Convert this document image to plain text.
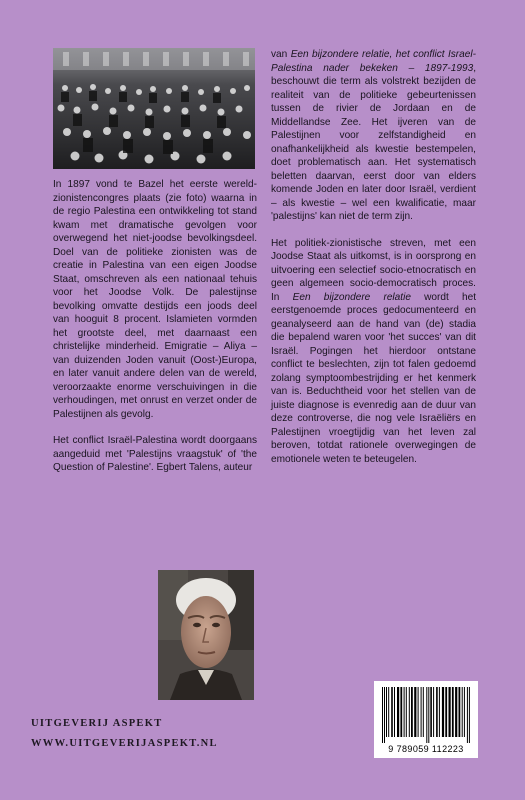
In 1897 vond te Bazel het eerste wereld-zionistencongres plaats (zie foto) waarna in de regio Palestina een ontwikkeling tot stand kwam met dramatische gevolgen voor overwegend het niet-joodse bevolkingsdeel. Doel van de politieke zionisten was de creatie in Palestina van een eigen Joodse Staat, omschreven als een nationaal tehuis voor het Joodse Volk. De palestijnse bevolking omvatte destijds een joods deel van hooguit 8 procent. Islamieten vormden het grootste deel, met daarnaast een christelijke minderheid. Emigratie – Aliya – van duizenden Joden vanuit (Oost-)Europa, en later vanuit andere delen van de wereld, veroorzaakte enorme verschuivingen in die verhoudingen, met onrust en verzet onder de Palestijnen als gevolg.

Het conflict Israël-Palestina wordt doorgaans aangeduid met 'Palestijns vraagstuk' of 'the Question of Palestine'. Egbert Talens, auteur

van Een bijzondere relatie, het conflict Israel-Palestina nader bekeken – 1897-1993, beschouwt die term als volstrekt bezijden de realiteit van de politieke gebeurtenissen tussen de rivier de Jordaan en de Middellandse Zee. Het ijveren van de Palestijnen voor zelfstandigheid en onafhankelijkheid als kwestie bestempelen, doet problematisch aan. Het systematisch beletten daarvan, eerst door van elders komende Joden en later door Israël, verdient – als kwestie – wel een kwalificatie, maar 'palestijns' kan niet de term zijn.

Het politiek-zionistische streven, met een Joodse Staat als uitkomst, is in oorsprong en uitvoering een selectief socio-etnocratisch en geen algemeen socio-democratisch proces. In Een bijzondere relatie wordt het eerstgenoemde proces gedocumenteerd en geanalyseerd aan de hand van (de) stadia die bepalend waren voor 'het succes' van dit Israël. Pogingen het hierdoor ontstane conflict te beslechten, zijn tot falen gedoemd zolang symptoombestrijding er het kenmerk van is. Beduchtheid voor het stellen van de juiste diagnose is evenredig aan de duur van deze controverse, die nog vele Israëliërs en Palestijnen vroegtijdig van het leven zal beroven, totdat rationele overwegingen de emotionele weten te beteugelen.

UITGEVERIJ ASPEKT
WWW.UITGEVERIJASPEKT.NL	9 789059 112223
